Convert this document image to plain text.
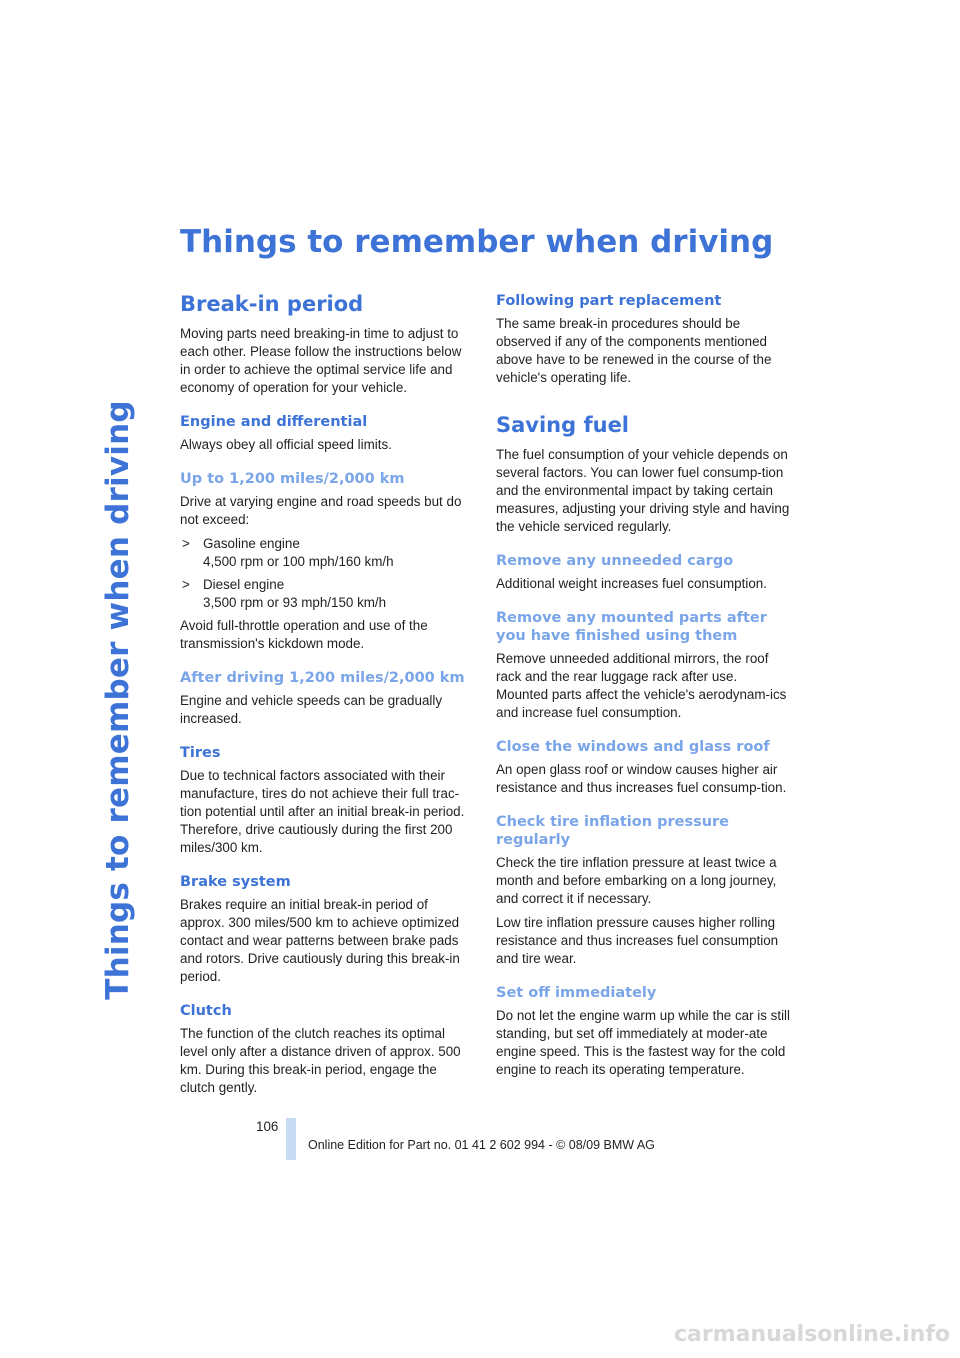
Things to remember when driving
Things to remember when driving
Break-in period

Moving parts need breaking-in time to adjust to each other. Please follow the instructions below in order to achieve the optimal service life and economy of operation for your vehicle.

Engine and differential

Always obey all official speed limits.

Up to 1,200 miles/2,000 km

Drive at varying engine and road speeds but do not exceed:

> Gasoline engine
4,500 rpm or 100 mph/160 km/h
> Diesel engine
3,500 rpm or 93 mph/150 km/h

Avoid full-throttle operation and use of the transmission's kickdown mode.

After driving 1,200 miles/2,000 km

Engine and vehicle speeds can be gradually increased.

Tires

Due to technical factors associated with their manufacture, tires do not achieve their full trac-tion potential until after an initial break-in period. Therefore, drive cautiously during the first 200 miles/300 km.

Brake system

Brakes require an initial break-in period of approx. 300 miles/500 km to achieve optimized contact and wear patterns between brake pads and rotors. Drive cautiously during this break-in period.

Clutch

The function of the clutch reaches its optimal level only after a distance driven of approx. 500 km. During this break-in period, engage the clutch gently.

Following part replacement

The same break-in procedures should be observed if any of the components mentioned above have to be renewed in the course of the vehicle's operating life.

Saving fuel

The fuel consumption of your vehicle depends on several factors. You can lower fuel consump-tion and the environmental impact by taking certain measures, adjusting your driving style and having the vehicle serviced regularly.

Remove any unneeded cargo

Additional weight increases fuel consumption.

Remove any mounted parts after you have finished using them

Remove unneeded additional mirrors, the roof rack and the rear luggage rack after use. Mounted parts affect the vehicle's aerodynam-ics and increase fuel consumption.

Close the windows and glass roof

An open glass roof or window causes higher air resistance and thus increases fuel consump-tion.

Check tire inflation pressure regularly

Check the tire inflation pressure at least twice a month and before embarking on a long journey, and correct it if necessary.

Low tire inflation pressure causes higher rolling resistance and thus increases fuel consumption and tire wear.

Set off immediately

Do not let the engine warm up while the car is still standing, but set off immediately at moder-ate engine speed. This is the fastest way for the cold engine to reach its operating temperature.

106
Online Edition for Part no. 01 41 2 602 994 - © 08/09 BMW AG
carmanualsonline.info
